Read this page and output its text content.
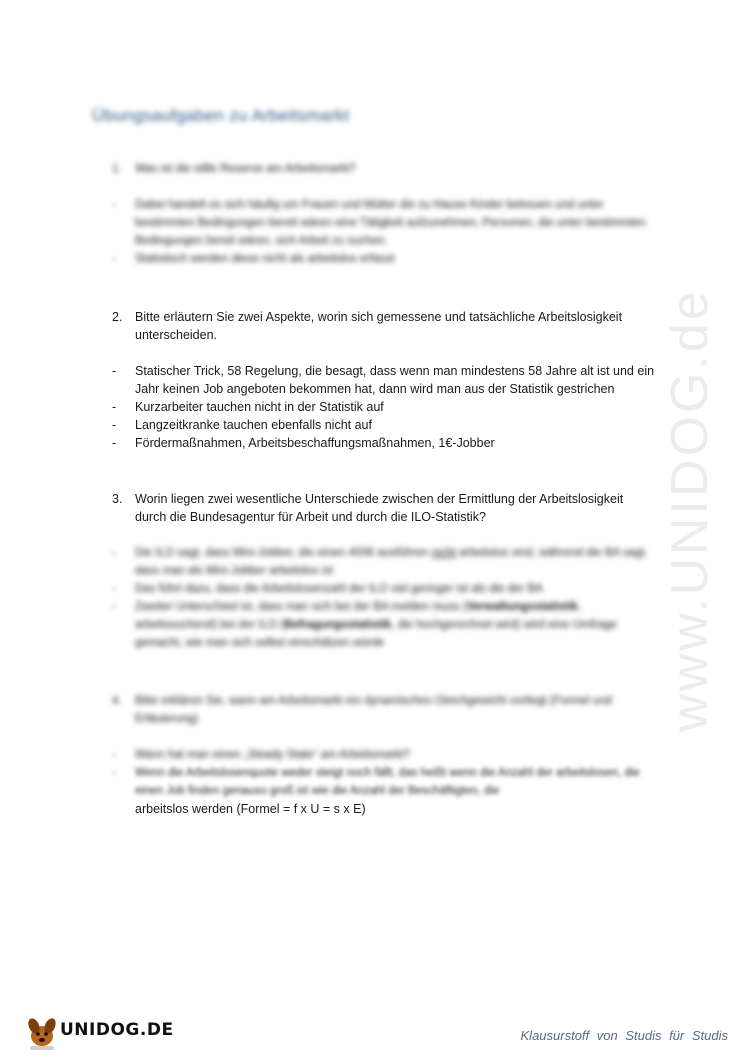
www.UNIDOG.de
Übungsaufgaben zu Arbeitsmarkt
1. Was ist die stille Reserve am Arbeitsmarkt?
- Dabei handelt es sich häufig um Frauen und Mütter die zu Hause Kinder betreuen und unter bestimmten Bedingungen bereit wären eine Tätigkeit aufzunehmen, Personen, die unter bestimmten Bedingungen bereit wären, sich Arbeit zu suchen.
- Statistisch werden diese nicht als arbeitslos erfasst
2. Bitte erläutern Sie zwei Aspekte, worin sich gemessene und tatsächliche Arbeitslosigkeit unterscheiden.
- Statischer Trick, 58 Regelung, die besagt, dass wenn man mindestens 58 Jahre alt ist und ein Jahr keinen Job angeboten bekommen hat, dann wird man aus der Statistik gestrichen
- Kurzarbeiter tauchen nicht in der Statistik auf
- Langzeitkranke tauchen ebenfalls nicht auf
- Fördermaßnahmen, Arbeitsbeschaffungsmaßnahmen, 1€-Jobber
3. Worin liegen zwei wesentliche Unterschiede zwischen der Ermittlung der Arbeitslosigkeit durch die Bundesagentur für Arbeit und durch die ILO-Statistik?
- Die ILO sagt, dass Mini-Jobber, die einen 400€ ausführen nicht arbeitslos sind, während die BA sagt, dass man als Mini-Jobber arbeitslos ist
- Das führt dazu, dass die Arbeitslosenzahl der ILO viel geringer ist als die der BA
- Zweiter Unterschied ist, dass man sich bei der BA melden muss (Verwaltungsstatistik, arbeitssuchend) bei der ILO (Befragungsstatistik, die hochgerechnet wird) wird eine Umfrage gemacht, wie man sich selbst einschätzen würde
4. Bitte erklären Sie, wann am Arbeitsmarkt ein dynamisches Gleichgewicht vorliegt (Formel und Erläuterung)
- Wann hat man einen „Steady State“ am Arbeitsmarkt?
- Wenn die Arbeitslosenquote weder steigt noch fällt, das heißt wenn die Anzahl der arbeitslosen, die einen Job finden genauso groß ist wie die Anzahl der Beschäftigten, die
arbeitslos werden (Formel = f x U = s x E)
UNIDOG.DE	Klausurstoff von Studis für Studis
